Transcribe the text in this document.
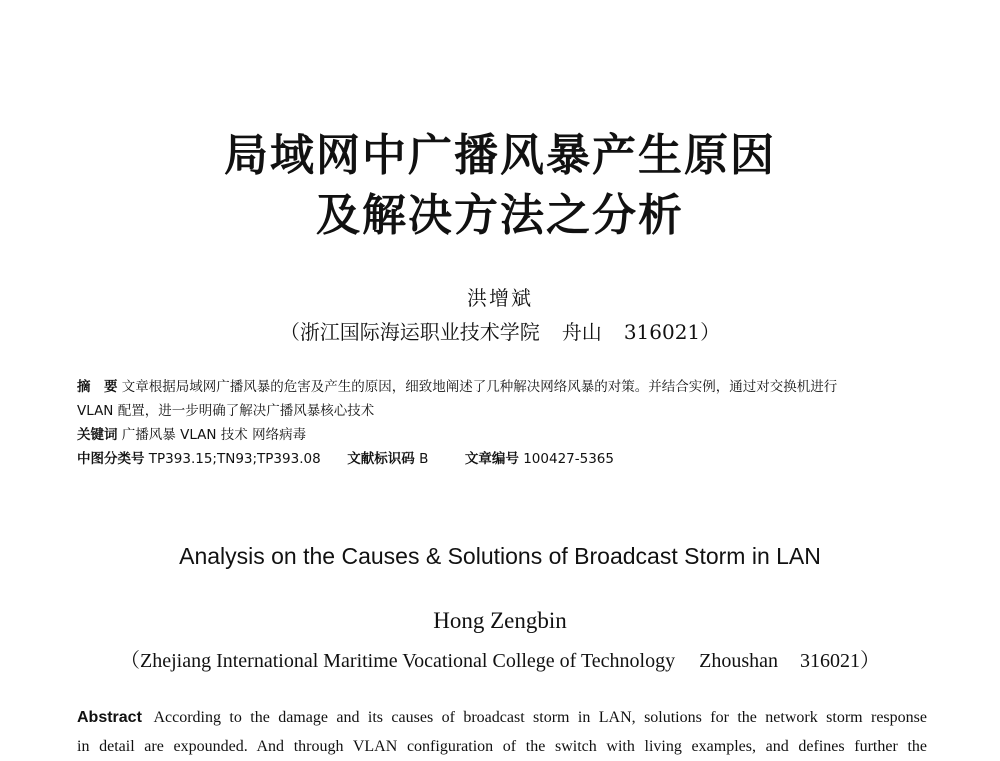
局域网中广播风暴产生原因
及解决方法之分析
洪增斌
（浙江国际海运职业技术学院 舟山 316021）
摘　要 文章根据局域网广播风暴的危害及产生的原因，细致地阐述了几种解决网络风暴的对策。并结合实例，通过对交换机进行
VLAN 配置，进一步明确了解决广播风暴核心技术
关键词 广播风暴 VLAN 技术 网络病毒
中图分类号 TP393.15;TN93;TP393.08 文献标识码 B	文章编号 100427-5365
Analysis on the Causes & Solutions of Broadcast Storm in LAN
Hong Zengbin
（Zhejiang International Maritime Vocational College of Technology Zhoushan 316021）
Abstract According to the damage and its causes of broadcast storm in LAN, solutions for the network storm response
in detail are expounded. And through VLAN configuration of the switch with living examples, and defines further the
